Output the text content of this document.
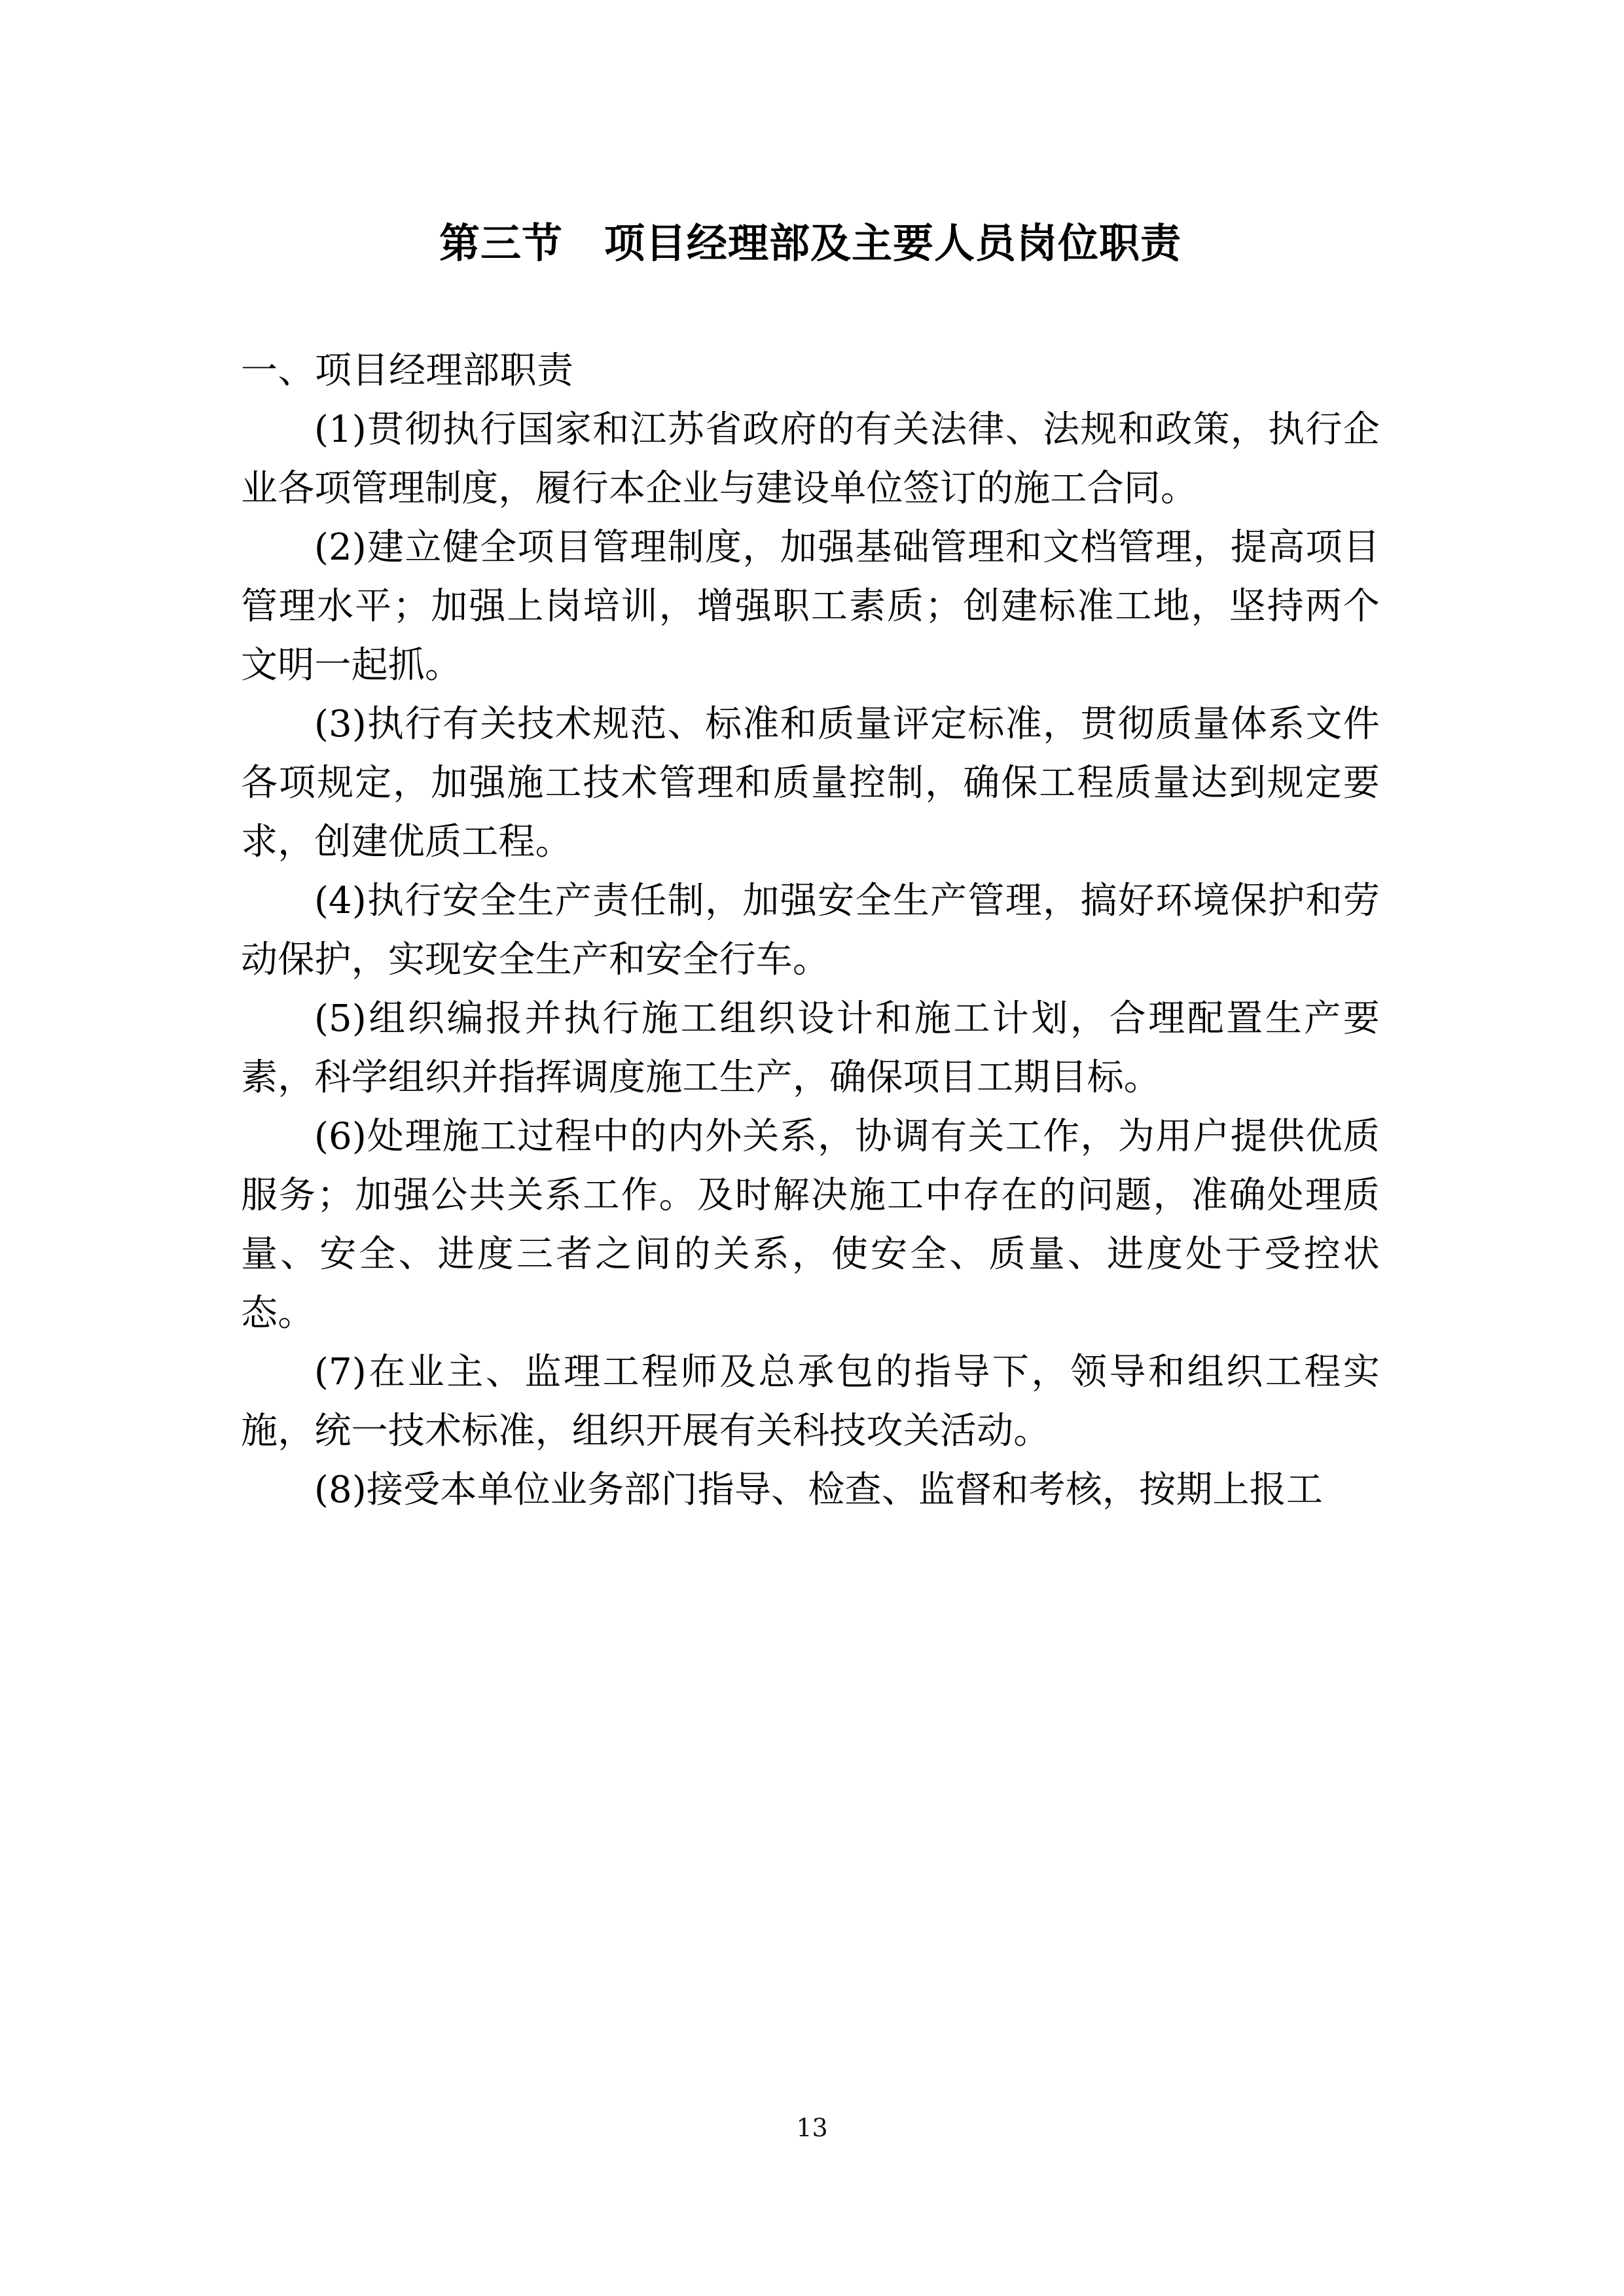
第三节　项目经理部及主要人员岗位职责
一、项目经理部职责

(1)贯彻执行国家和江苏省政府的有关法律、法规和政策，执行企业各项管理制度，履行本企业与建设单位签订的施工合同。

(2)建立健全项目管理制度，加强基础管理和文档管理，提高项目管理水平；加强上岗培训，增强职工素质；创建标准工地，坚持两个文明一起抓。

(3)执行有关技术规范、标准和质量评定标准，贯彻质量体系文件各项规定，加强施工技术管理和质量控制，确保工程质量达到规定要求，创建优质工程。

(4)执行安全生产责任制，加强安全生产管理，搞好环境保护和劳动保护，实现安全生产和安全行车。

(5)组织编报并执行施工组织设计和施工计划，合理配置生产要素，科学组织并指挥调度施工生产，确保项目工期目标。

(6)处理施工过程中的内外关系，协调有关工作，为用户提供优质服务；加强公共关系工作。及时解决施工中存在的问题，准确处理质量、安全、进度三者之间的关系，使安全、质量、进度处于受控状态。

(7)在业主、监理工程师及总承包的指导下，领导和组织工程实施，统一技术标准，组织开展有关科技攻关活动。

(8)接受本单位业务部门指导、检查、监督和考核，按期上报工

13
